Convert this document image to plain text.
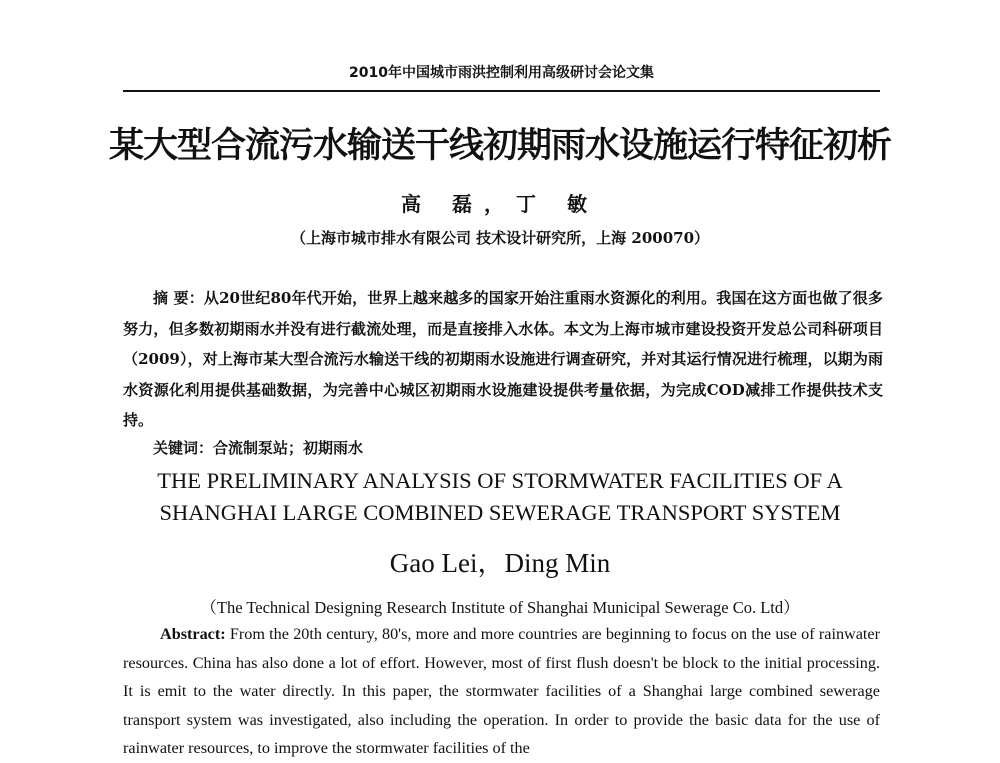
2010年中国城市雨洪控制利用高级研讨会论文集
某大型合流污水输送干线初期雨水设施运行特征初析
高 磊，丁 敏
（上海市城市排水有限公司 技术设计研究所，上海 200070）

摘 要：从20世纪80年代开始，世界上越来越多的国家开始注重雨水资源化的利用。我国在这方面也做了很多努力，但多数初期雨水并没有进行截流处理，而是直接排入水体。本文为上海市城市建设投资开发总公司科研项目（2009），对上海市某大型合流污水输送干线的初期雨水设施进行调查研究，并对其运行情况进行梳理，以期为雨水资源化利用提供基础数据，为完善中心城区初期雨水设施建设提供考量依据，为完成COD减排工作提供技术支持。

关键词：合流制泵站；初期雨水
THE PRELIMINARY ANALYSIS OF STORMWATER FACILITIES OF A
SHANGHAI LARGE COMBINED SEWERAGE TRANSPORT SYSTEM
Gao Lei，Ding Min
（The Technical Designing Research Institute of Shanghai Municipal Sewerage Co. Ltd）

Abstract: From the 20th century, 80's, more and more countries are beginning to focus on the use of rainwater resources. China has also done a lot of effort. However, most of first flush doesn't be block to the initial processing. It is emit to the water directly. In this paper, the stormwater facilities of a Shanghai large combined sewerage transport system was investigated, also including the operation. In order to provide the basic data for the use of rainwater resources, to improve the stormwater facilities of the
